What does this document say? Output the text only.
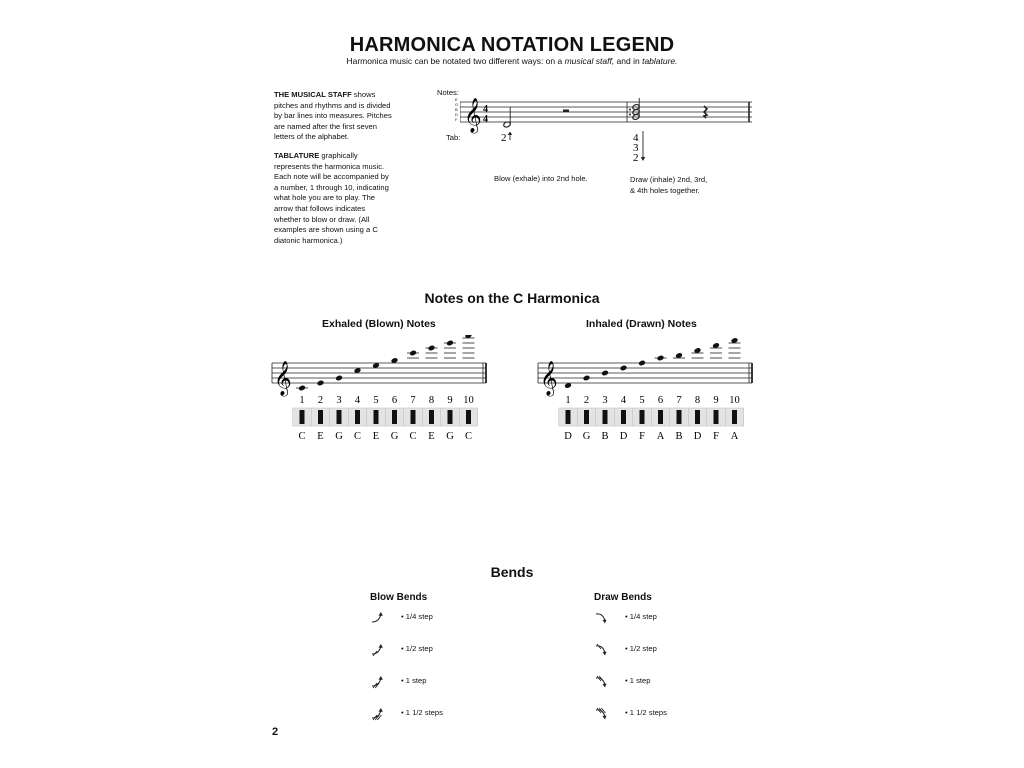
HARMONICA NOTATION LEGEND
Harmonica music can be notated two different ways: on a musical staff, and in tablature.

THE MUSICAL STAFF shows pitches and rhythms and is divided by bar lines into measures. Pitches are named after the first seven letters of the alphabet.

TABLATURE graphically represents the harmonica music. Each note will be accompanied by a number, 1 through 10, indicating what hole you are to play. The arrow that follows indicates whether to blow or draw. (All examples are shown using a C diatonic harmonica.)

Notes:
Tab:
E G B D F 𝄞 4
4
2	4
3
2
Blow (exhale) into 2nd hole.	Draw (inhale) 2nd, 3rd,
& 4th holes together.
Notes on the C Harmonica
Exhaled (Blown) Notes	Inhaled (Drawn) Notes
𝄞
1
C
2
E
3
G
4
C
5
E
6
G
7
C
8
E
9
G
10
C
𝄞
1
D
2
G
3
B
4
D
5
F
6
A
7
B
8
D
9
F
10
A
Bends
Blow Bends	Draw Bends
• 1/4 step
• 1/2 step
• 1 step
• 1 1/2 steps
• 1/4 step
• 1/2 step
• 1 step
• 1 1/2 steps
2
